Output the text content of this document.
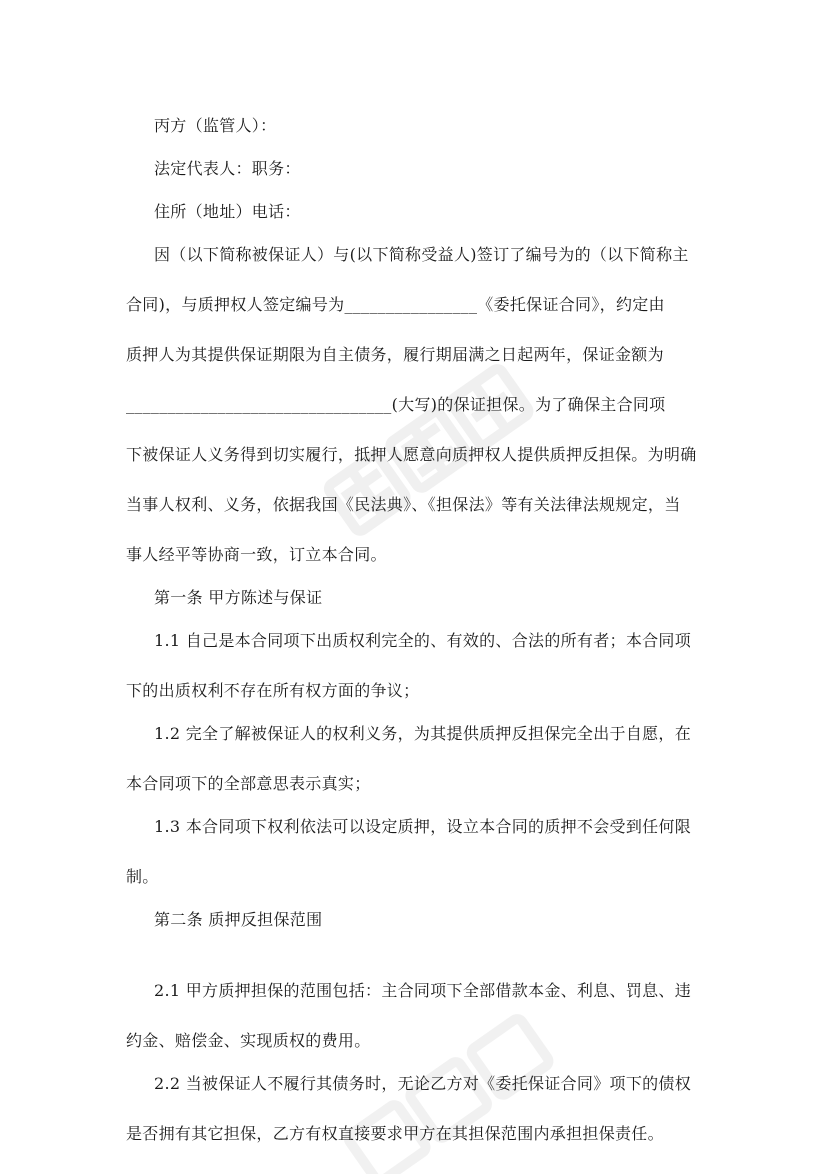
丙方（监管人）：
法定代表人：职务：
住所（地址）电话：
因（以下简称被保证人）与(以下简称受益人)签订了编号为的（以下简称主
合同)，与质押权人签定编号为________________《委托保证合同》，约定由
质押人为其提供保证期限为自主债务，履行期届满之日起两年，保证金额为
________________________________(大写)的保证担保。为了确保主合同项
下被保证人义务得到切实履行，抵押人愿意向质押权人提供质押反担保。为明确
当事人权利、义务，依据我国《民法典》、《担保法》等有关法律法规规定，当
事人经平等协商一致，订立本合同。
第一条 甲方陈述与保证
1.1 自己是本合同项下出质权利完全的、有效的、合法的所有者；本合同项
下的出质权利不存在所有权方面的争议；
1.2 完全了解被保证人的权利义务，为其提供质押反担保完全出于自愿，在
本合同项下的全部意思表示真实；
1.3 本合同项下权利依法可以设定质押，设立本合同的质押不会受到任何限
制。
第二条 质押反担保范围
2.1 甲方质押担保的范围包括：主合同项下全部借款本金、利息、罚息、违
约金、赔偿金、实现质权的费用。
2.2 当被保证人不履行其债务时，无论乙方对《委托保证合同》项下的债权
是否拥有其它担保，乙方有权直接要求甲方在其担保范围内承担担保责任。
